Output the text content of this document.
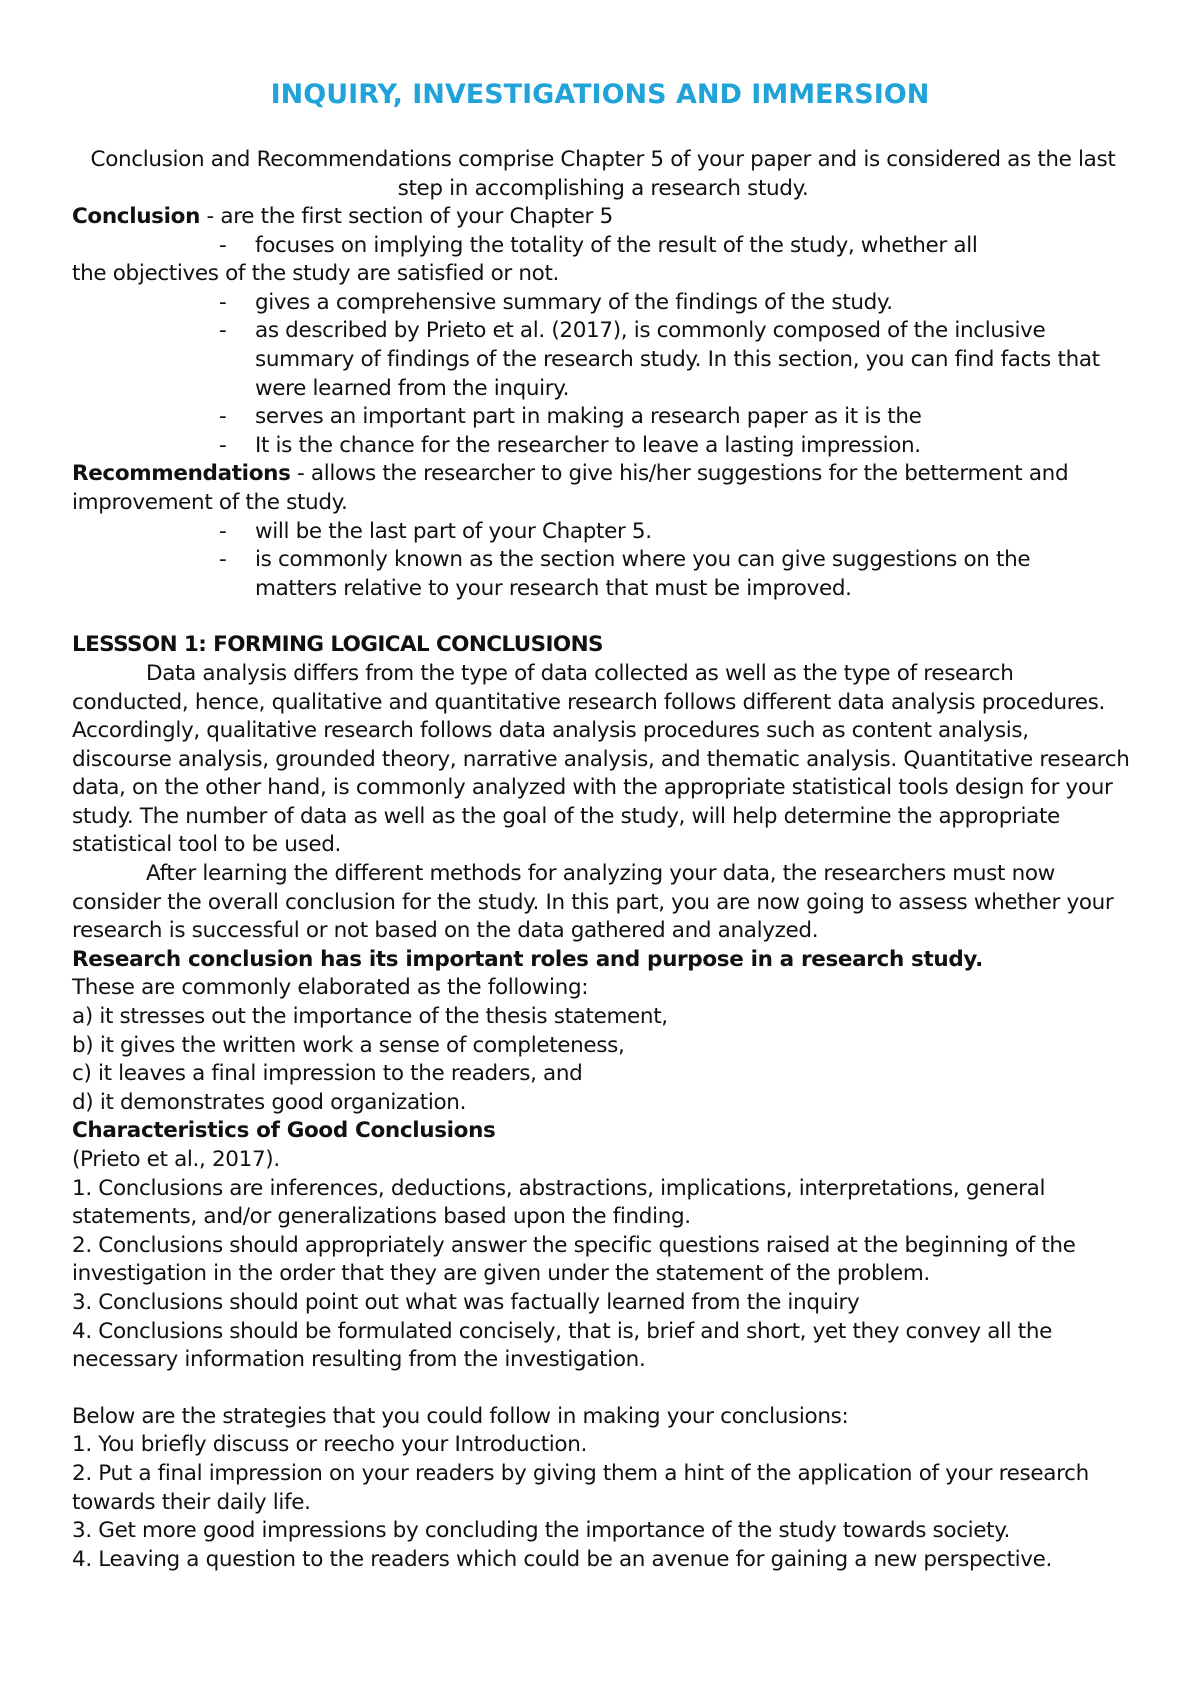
INQUIRY, INVESTIGATIONS AND IMMERSION

Conclusion and Recommendations comprise Chapter 5 of your paper and is considered as the last step in accomplishing a research study.

Conclusion - are the first section of your Chapter 5

-	focuses on implying the totality of the result of the study, whether all

the objectives of the study are satisfied or not.

-	gives a comprehensive summary of the findings of the study.
-	as described by Prieto et al. (2017), is commonly composed of the inclusive summary of findings of the research study. In this section, you can find facts that were learned from the inquiry.
-	serves an important part in making a research paper as it is the
-	It is the chance for the researcher to leave a lasting impression.

Recommendations - allows the researcher to give his/her suggestions for the betterment and improvement of the study.

-	will be the last part of your Chapter 5.
-	is commonly known as the section where you can give suggestions on the matters relative to your research that must be improved.

LESSSON 1: FORMING LOGICAL CONCLUSIONS

Data analysis differs from the type of data collected as well as the type of research conducted, hence, qualitative and quantitative research follows different data analysis procedures. Accordingly, qualitative research follows data analysis procedures such as content analysis, discourse analysis, grounded theory, narrative analysis, and thematic analysis. Quantitative research data, on the other hand, is commonly analyzed with the appropriate statistical tools design for your study. The number of data as well as the goal of the study, will help determine the appropriate statistical tool to be used.

After learning the different methods for analyzing your data, the researchers must now consider the overall conclusion for the study. In this part, you are now going to assess whether your research is successful or not based on the data gathered and analyzed.

Research conclusion has its important roles and purpose in a research study.

These are commonly elaborated as the following:

a) it stresses out the importance of the thesis statement,

b) it gives the written work a sense of completeness,

c) it leaves a final impression to the readers, and

d) it demonstrates good organization.

Characteristics of Good Conclusions

(Prieto et al., 2017).

1. Conclusions are inferences, deductions, abstractions, implications, interpretations, general statements, and/or generalizations based upon the finding.

2. Conclusions should appropriately answer the specific questions raised at the beginning of the investigation in the order that they are given under the statement of the problem.

3. Conclusions should point out what was factually learned from the inquiry

4. Conclusions should be formulated concisely, that is, brief and short, yet they convey all the necessary information resulting from the investigation.

Below are the strategies that you could follow in making your conclusions:

1. You briefly discuss or reecho your Introduction.

2. Put a final impression on your readers by giving them a hint of the application of your research towards their daily life.

3. Get more good impressions by concluding the importance of the study towards society.

4. Leaving a question to the readers which could be an avenue for gaining a new perspective.
